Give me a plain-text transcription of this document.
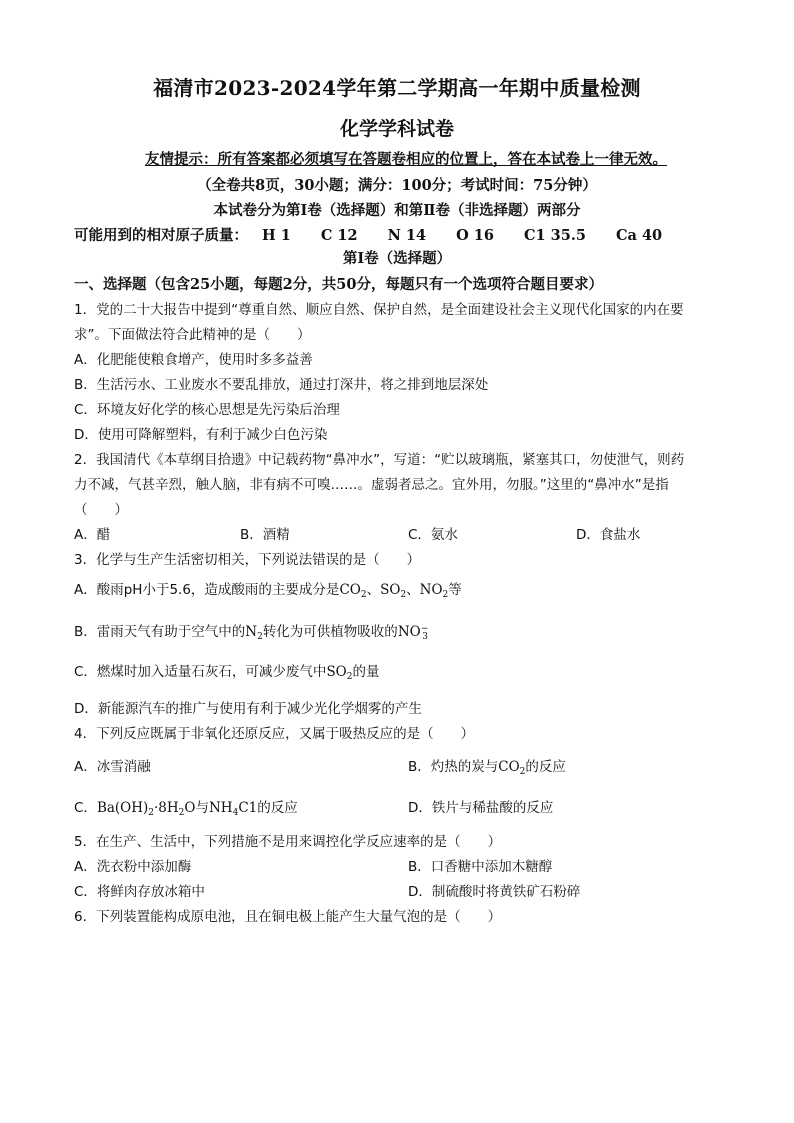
福清市2023-2024学年第二学期高一年期中质量检测
化学学科试卷
友情提示：所有答案都必须填写在答题卷相应的位置上，答在本试卷上一律无效。
（全卷共8页，30小题；满分：100分；考试时间：75分钟）
本试卷分为第Ⅰ卷（选择题）和第Ⅱ卷（非选择题）两部分
可能用到的相对原子质量： H 1 C 12 N 14 O 16 C1 35.5 Ca 40
第Ⅰ卷（选择题）
一、选择题（包含25小题，每题2分，共50分，每题只有一个选项符合题目要求）
1．党的二十大报告中提到“尊重自然、顺应自然、保护自然，是全面建设社会主义现代化国家的内在要
求”。下面做法符合此精神的是（　　）
A．化肥能使粮食增产，使用时多多益善
B．生活污水、工业废水不要乱排放，通过打深井，将之排到地层深处
C．环境友好化学的核心思想是先污染后治理
D．使用可降解塑料，有利于减少白色污染
2．我国清代《本草纲目拾遗》中记载药物“鼻冲水”，写道：“贮以玻璃瓶，紧塞其口，勿使泄气，则药
力不减，气甚辛烈，触人脑，非有病不可嗅……。虚弱者忌之。宜外用，勿服。”这里的“鼻冲水”是指
（　　）
A．醋	B．酒精	C．氨水	D．食盐水
3．化学与生产生活密切相关，下列说法错误的是（　　）
A．酸雨pH小于5.6，造成酸雨的主要成分是$CO_2$、$SO_2$、$NO_2$等
B．雷雨天气有助于空气中的$N_2$转化为可供植物吸收的$NO^-_3$
C．燃煤时加入适量石灰石，可减少废气中$SO_2$的量
D．新能源汽车的推广与使用有利于减少光化学烟雾的产生
4．下列反应既属于非氧化还原反应，又属于吸热反应的是（　　）
A．冰雪消融	B．灼热的炭与$CO_2$的反应
C．$Ba(OH)_2\cdot 8H_2O$与$NH_4C1$的反应	D．铁片与稀盐酸的反应
5．在生产、生活中，下列措施不是用来调控化学反应速率的是（　　）
A．洗衣粉中添加酶	B．口香糖中添加木糖醇
C．将鲜肉存放冰箱中	D．制硫酸时将黄铁矿石粉碎
6．下列装置能构成原电池，且在铜电极上能产生大量气泡的是（　　）
